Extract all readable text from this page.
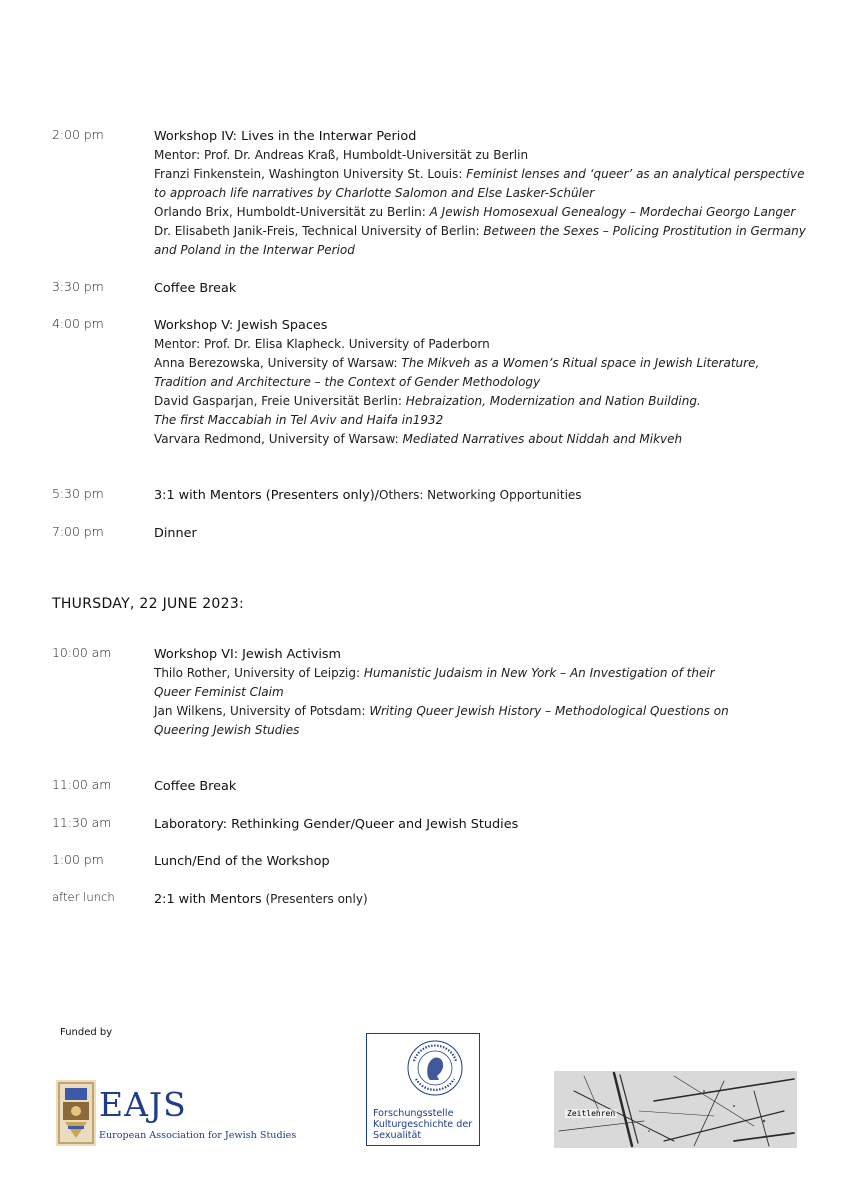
2:00 pm	Workshop IV: Lives in the Interwar Period
Mentor: Prof. Dr. Andreas Kraß, Humboldt-Universität zu Berlin
Franzi Finkenstein, Washington University St. Louis: Feminist lenses and ‘queer’ as an analytical perspective
to approach life narratives by Charlotte Salomon and Else Lasker-Schüler
Orlando Brix, Humboldt-Universität zu Berlin: A Jewish Homosexual Genealogy – Mordechai Georgo Langer
Dr. Elisabeth Janik-Freis, Technical University of Berlin: Between the Sexes – Policing Prostitution in Germany
and Poland in the Interwar Period
3:30 pm	Coffee Break
4:00 pm	Workshop V: Jewish Spaces
Mentor: Prof. Dr. Elisa Klapheck. University of Paderborn
Anna Berezowska, University of Warsaw: The Mikveh as a Women’s Ritual space in Jewish Literature,
Tradition and Architecture – the Context of Gender Methodology
David Gasparjan, Freie Universität Berlin: Hebraization, Modernization and Nation Building.
The first Maccabiah in Tel Aviv and Haifa in1932
Varvara Redmond, University of Warsaw: Mediated Narratives about Niddah and Mikveh
5:30 pm	3:1 with Mentors (Presenters only)/Others: Networking Opportunities
7:00 pm	Dinner
THURSDAY, 22 JUNE 2023:
10:00 am	Workshop VI: Jewish Activism
Thilo Rother, University of Leipzig: Humanistic Judaism in New York – An Investigation of their
Queer Feminist Claim
Jan Wilkens, University of Potsdam: Writing Queer Jewish History – Methodological Questions on
Queering Jewish Studies
11:00 am	Coffee Break
11:30 am	Laboratory: Rethinking Gender/Queer and Jewish Studies
1:00 pm	Lunch/End of the Workshop
after lunch	2:1 with Mentors (Presenters only)
Funded by
EAJS
European Association for Jewish Studies
Forschungsstelle
Kulturgeschichte der
Sexualität
Zeitlehren
